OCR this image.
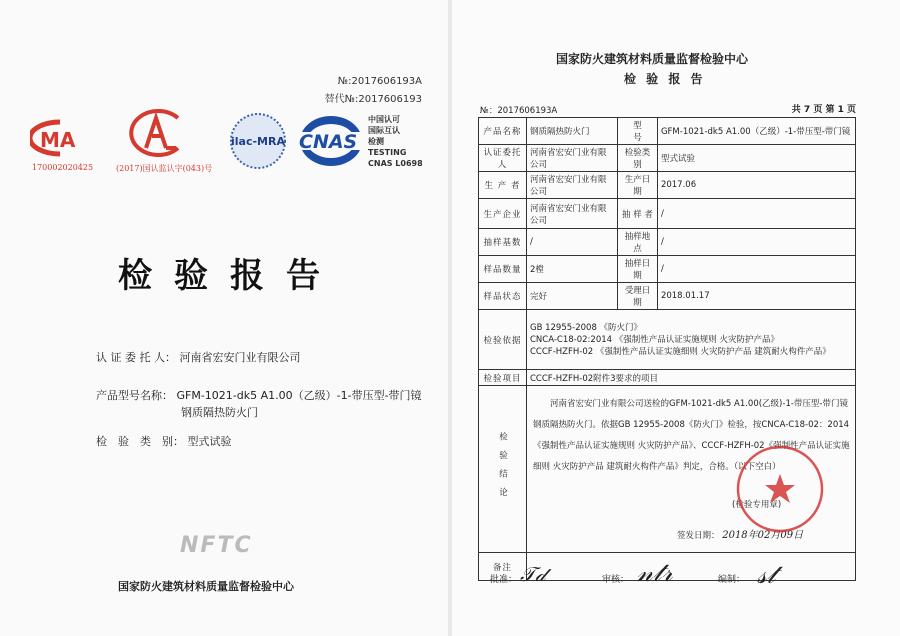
№:2017606193A
替代№:2017606193
MA
170002020425	(2017)国认监认字(043)号
ilac-MRA CNAS
中国认可
国际互认
检测
TESTING
CNAS L0698
检验报告
认 证 委 托 人： 河南省宏安门业有限公司
产品型号名称： GFM-1021-dk5 A1.00（乙级）-1-带压型-带门镜
钢质隔热防火门
检　验　类　别： 型式试验
NFTC
国家防火建筑材料质量监督检验中心
国家防火建筑材料质量监督检验中心
检 验 报 告
№：2017606193A	共 7 页 第 1 页
产品名称	钢质隔热防火门	型　　号	GFM-1021-dk5 A1.00（乙级）-1-带压型-带门镜
认证委托人	河南省宏安门业有限公司	检验类别	型式试验
生 产 者	河南省宏安门业有限公司	生产日期	2017.06
生产企业	河南省宏安门业有限公司	抽 样 者	/
抽样基数	/	抽样地点	/
样品数量	2樘	抽样日期	/
样品状态	完好	受理日期	2018.01.17
检验依据	GB 12955-2008 《防火门》
CNCA-C18-02:2014 《强制性产品认证实施规则 火灾防护产品》
CCCF-HZFH-02 《强制性产品认证实施细则 火灾防护产品 建筑耐火构件产品》		

检验项目	CCCF-HZFH-02附件3要求的项目		
检验结论	河南省宏安门业有限公司送检的GFM-1021-dk5 A1.00(乙级)-1-带压型-带门镜钢质隔热防火门。依据GB 12955-2008《防火门》检验，按CNCA-C18-02：2014《强制性产品认证实施规则 火灾防护产品》、CCCF-HZFH-02《强制性产品认证实施细则 火灾防护产品 建筑耐火构件产品》判定，合格。（以下空白）
(检验专用章)
签发日期： 2018年02月09日		

备注			
批准： 𝒯𝒹	审核： 𝓃𝓉𝓇	编制： 𝓈𝓉
